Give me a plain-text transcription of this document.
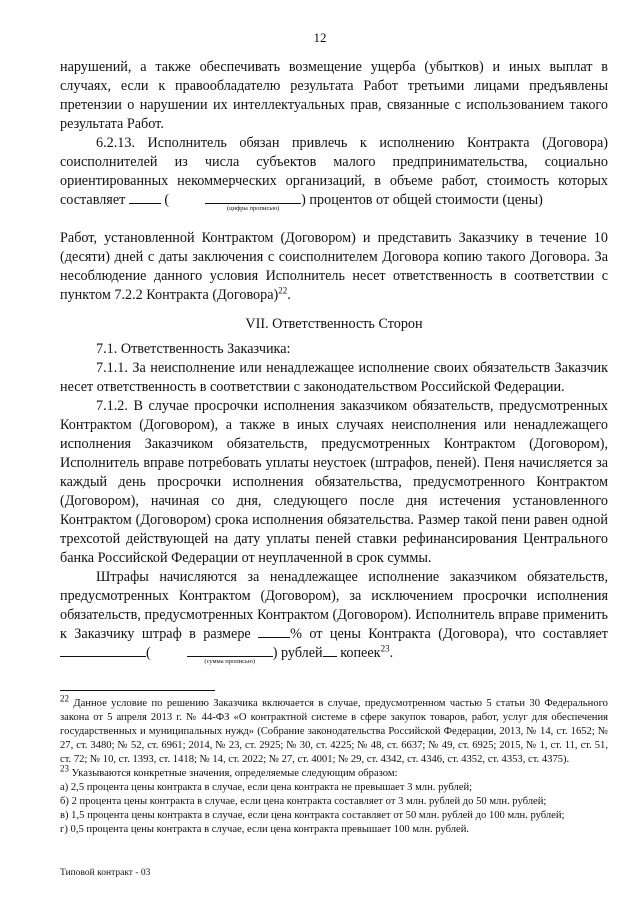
12

нарушений, а также обеспечивать возмещение ущерба (убытков) и иных выплат в случаях, если к правообладателю результата Работ третьими лицами предъявлены претензии о нарушении их интеллектуальных прав, связанные с использованием такого результата Работ.

6.2.13. Исполнитель обязан привлечь к исполнению Контракта (Договора) соисполнителей из числа субъектов малого предпринимательства, социально ориентированных некоммерческих организаций, в объеме работ, стоимость которых составляет	(
(цифры прописью)
) процентов от общей стоимости (цены)

Работ, установленной Контрактом (Договором) и представить Заказчику в течение 10 (десяти) дней с даты заключения с соисполнителем Договора копию такого Договора. За несоблюдение данного условия Исполнитель несет ответственность в соответствии с пунктом 7.2.2 Контракта (Договора)$^{22}$.

VII. Ответственность Сторон

7.1. Ответственность Заказчика:

7.1.1. За неисполнение или ненадлежащее исполнение своих обязательств Заказчик несет ответственность в соответствии с законодательством Российской Федерации.

7.1.2. В случае просрочки исполнения заказчиком обязательств, предусмотренных Контрактом (Договором), а также в иных случаях неисполнения или ненадлежащего исполнения Заказчиком обязательств, предусмотренных Контрактом (Договором), Исполнитель вправе потребовать уплаты неустоек (штрафов, пеней). Пеня начисляется за каждый день просрочки исполнения обязательства, предусмотренного Контрактом (Договором), начиная со дня, следующего после дня истечения установленного Контрактом (Договором) срока исполнения обязательства. Размер такой пени равен одной трехсотой действующей на дату уплаты пеней ставки рефинансирования Центрального банка Российской Федерации от неуплаченной в срок суммы.

Штрафы начисляются за ненадлежащее исполнение заказчиком обязательств, предусмотренных Контрактом (Договором), за исключением просрочки исполнения обязательств, предусмотренных Контрактом (Договором). Исполнитель вправе применить к Заказчику штраф в размере	% от цены Контракта (Договора), что составляет(
(сумма прописью)
) рублей копеек$^{23}$.

$^{22}$ Данное условие по решению Заказчика включается в случае, предусмотренном частью 5 статьи 30 Федерального закона от 5 апреля 2013 г. № 44-ФЗ «О контрактной системе в сфере закупок товаров, работ, услуг для обеспечения государственных и муниципальных нужд» (Собрание законодательства Российской Федерации, 2013, № 14, ст. 1652; № 27, ст. 3480; № 52, ст. 6961; 2014, № 23, ст. 2925; № 30, ст. 4225; № 48, ст. 6637; № 49, ст. 6925; 2015, № 1, ст. 11, ст. 51, ст. 72; № 10, ст. 1393, ст. 1418; № 14, ст. 2022; № 27, ст. 4001; № 29, ст. 4342, ст. 4346, ст. 4352, ст. 4353, ст. 4375).

$^{23}$ Указываются конкретные значения, определяемые следующим образом:

а) 2,5 процента цены контракта в случае, если цена контракта не превышает 3 млн. рублей;

б) 2 процента цены контракта в случае, если цена контракта составляет от 3 млн. рублей до 50 млн. рублей;

в) 1,5 процента цены контракта в случае, если цена контракта составляет от 50 млн. рублей до 100 млн. рублей;

г) 0,5 процента цены контракта в случае, если цена контракта превышает 100 млн. рублей.

Типовой контракт - 03
